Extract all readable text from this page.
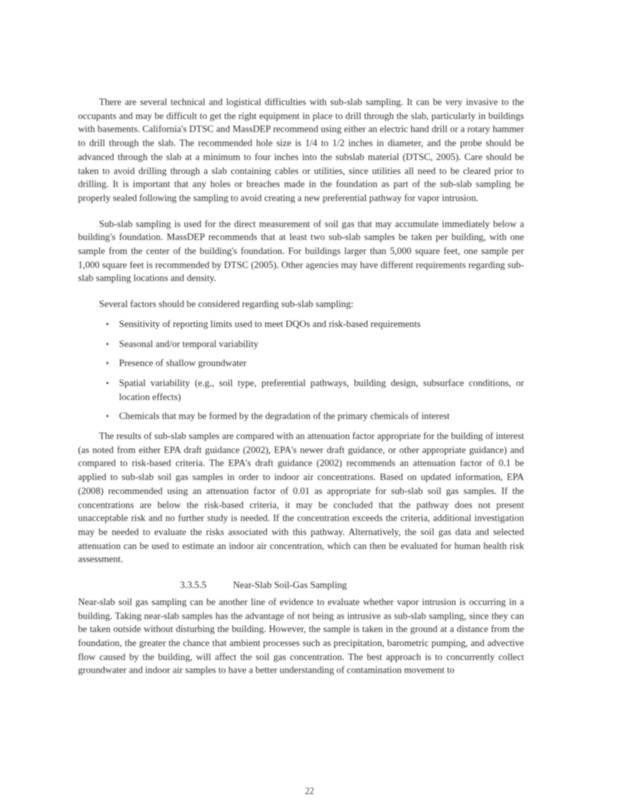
There are several technical and logistical difficulties with sub-slab sampling. It can be very invasive to the occupants and may be difficult to get the right equipment in place to drill through the slab, particularly in buildings with basements. California's DTSC and MassDEP recommend using either an electric hand drill or a rotary hammer to drill through the slab. The recommended hole size is 1/4 to 1/2 inches in diameter, and the probe should be advanced through the slab at a minimum to four inches into the subslab material (DTSC, 2005). Care should be taken to avoid drilling through a slab containing cables or utilities, since utilities all need to be cleared prior to drilling. It is important that any holes or breaches made in the foundation as part of the sub-slab sampling be properly sealed following the sampling to avoid creating a new preferential pathway for vapor intrusion.

Sub-slab sampling is used for the direct measurement of soil gas that may accumulate immediately below a building's foundation. MassDEP recommends that at least two sub-slab samples be taken per building, with one sample from the center of the building's foundation. For buildings larger than 5,000 square feet, one sample per 1,000 square feet is recommended by DTSC (2005). Other agencies may have different requirements regarding sub-slab sampling locations and density.

Several factors should be considered regarding sub-slab sampling:

• Sensitivity of reporting limits used to meet DQOs and risk-based requirements
• Seasonal and/or temporal variability
• Presence of shallow groundwater
• Spatial variability (e.g., soil type, preferential pathways, building design, subsurface conditions, or location effects)
• Chemicals that may be formed by the degradation of the primary chemicals of interest

The results of sub-slab samples are compared with an attenuation factor appropriate for the building of interest (as noted from either EPA draft guidance (2002), EPA's newer draft guidance, or other appropriate guidance) and compared to risk-based criteria. The EPA's draft guidance (2002) recommends an attenuation factor of 0.1 be applied to sub-slab soil gas samples in order to indoor air concentrations. Based on updated information, EPA (2008) recommended using an attenuation factor of 0.01 as appropriate for sub-slab soil gas samples. If the concentrations are below the risk-based criteria, it may be concluded that the pathway does not present unacceptable risk and no further study is needed. If the concentration exceeds the criteria, additional investigation may be needed to evaluate the risks associated with this pathway. Alternatively, the soil gas data and selected attenuation can be used to estimate an indoor air concentration, which can then be evaluated for human health risk assessment.

3.3.5.5	Near-Slab Soil-Gas Sampling

Near-slab soil gas sampling can be another line of evidence to evaluate whether vapor intrusion is occurring in a building. Taking near-slab samples has the advantage of not being as intrusive as sub-slab sampling, since they can be taken outside without disturbing the building. However, the sample is taken in the ground at a distance from the foundation, the greater the chance that ambient processes such as precipitation, barometric pumping, and advective flow caused by the building, will affect the soil gas concentration. The best approach is to concurrently collect groundwater and indoor air samples to have a better understanding of contamination movement to

22
